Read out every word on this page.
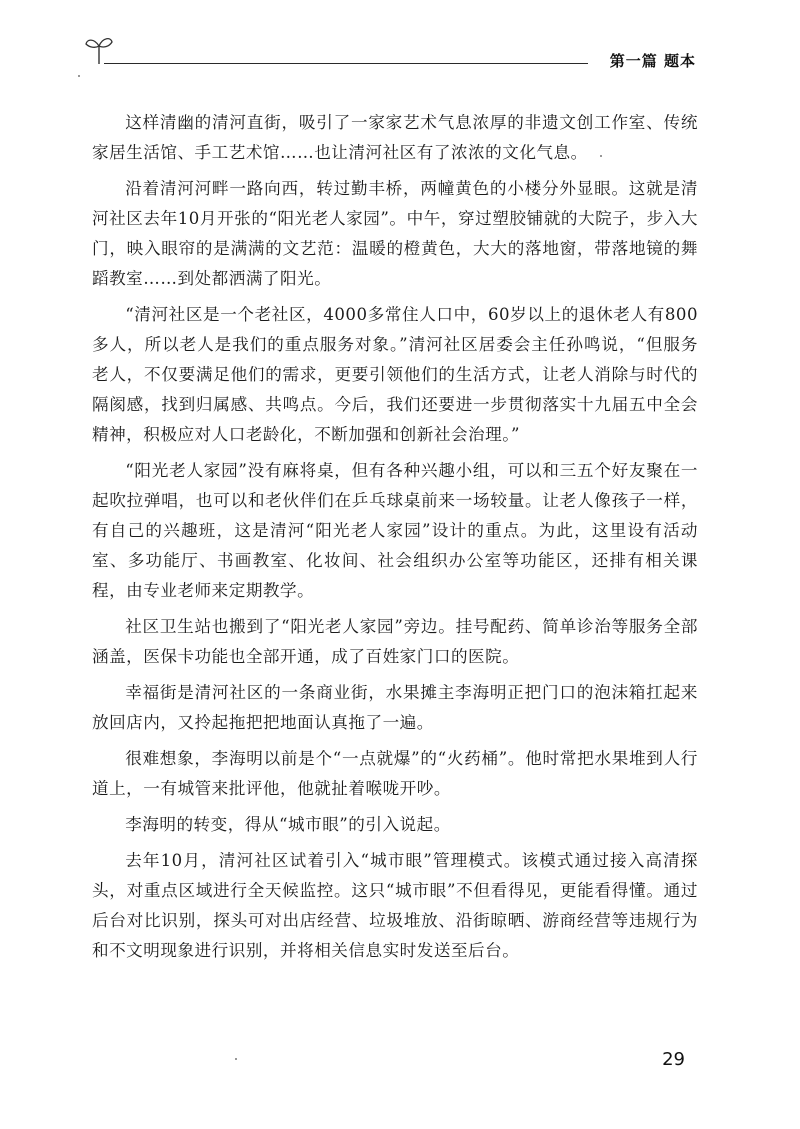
第一篇 题本

这样清幽的清河直街，吸引了一家家艺术气息浓厚的非遗文创工作室、传统家居生活馆、手工艺术馆……也让清河社区有了浓浓的文化气息。

沿着清河河畔一路向西，转过勤丰桥，两幢黄色的小楼分外显眼。这就是清河社区去年10月开张的“阳光老人家园”。中午，穿过塑胶铺就的大院子，步入大门，映入眼帘的是满满的文艺范：温暖的橙黄色，大大的落地窗，带落地镜的舞蹈教室……到处都洒满了阳光。

“清河社区是一个老社区，4000多常住人口中，60岁以上的退休老人有800多人，所以老人是我们的重点服务对象。”清河社区居委会主任孙鸣说，“但服务老人，不仅要满足他们的需求，更要引领他们的生活方式，让老人消除与时代的隔阂感，找到归属感、共鸣点。今后，我们还要进一步贯彻落实十九届五中全会精神，积极应对人口老龄化，不断加强和创新社会治理。”

“阳光老人家园”没有麻将桌，但有各种兴趣小组，可以和三五个好友聚在一起吹拉弹唱，也可以和老伙伴们在乒乓球桌前来一场较量。让老人像孩子一样，有自己的兴趣班，这是清河“阳光老人家园”设计的重点。为此，这里设有活动室、多功能厅、书画教室、化妆间、社会组织办公室等功能区，还排有相关课程，由专业老师来定期教学。

社区卫生站也搬到了“阳光老人家园”旁边。挂号配药、简单诊治等服务全部涵盖，医保卡功能也全部开通，成了百姓家门口的医院。

幸福街是清河社区的一条商业街，水果摊主李海明正把门口的泡沫箱扛起来放回店内，又拎起拖把把地面认真拖了一遍。

很难想象，李海明以前是个“一点就爆”的“火药桶”。他时常把水果堆到人行道上，一有城管来批评他，他就扯着喉咙开吵。

李海明的转变，得从“城市眼”的引入说起。

去年10月，清河社区试着引入“城市眼”管理模式。该模式通过接入高清探头，对重点区域进行全天候监控。这只“城市眼”不但看得见，更能看得懂。通过后台对比识别，探头可对出店经营、垃圾堆放、沿街晾晒、游商经营等违规行为和不文明现象进行识别，并将相关信息实时发送至后台。

29
